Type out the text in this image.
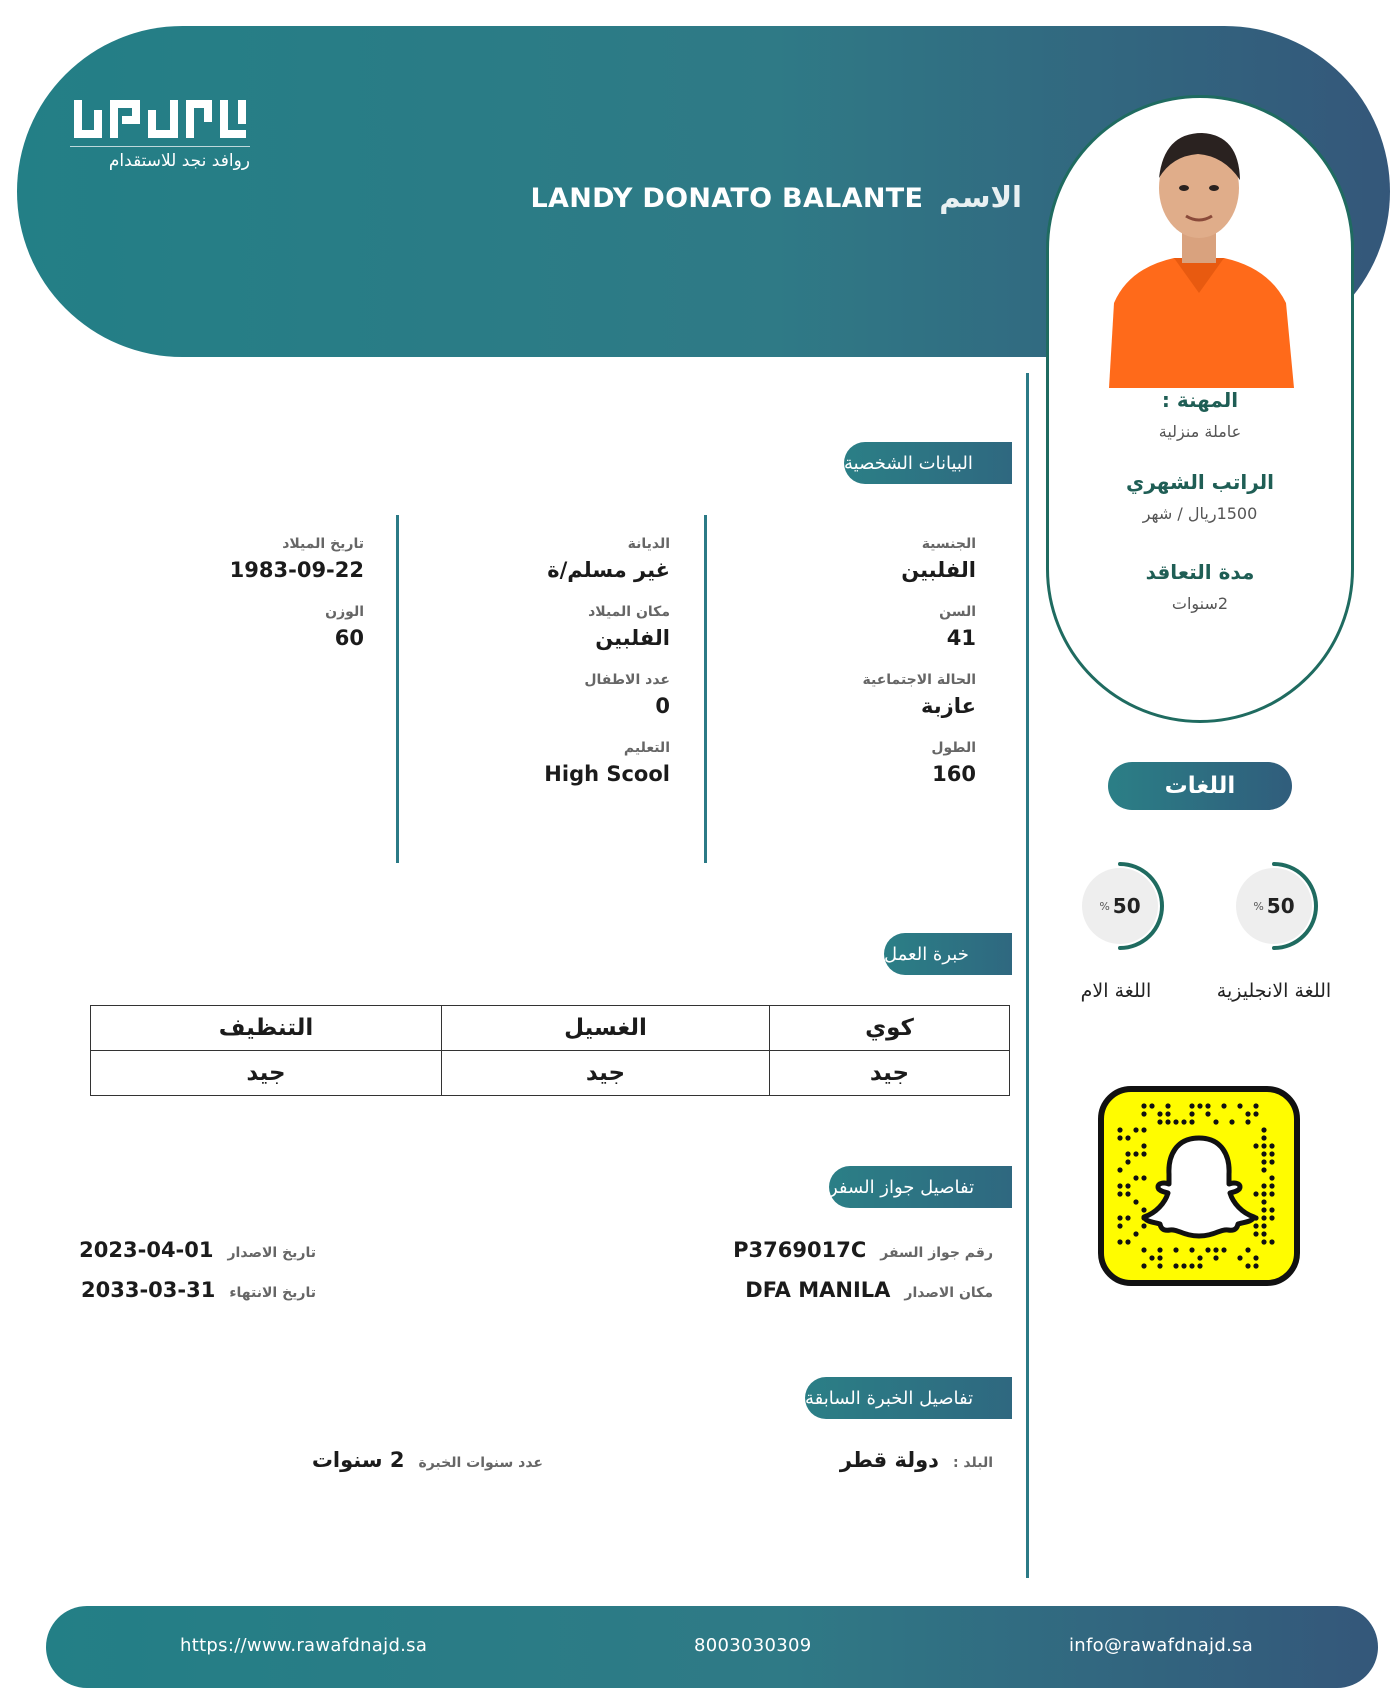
روافد نجد للاستقدام
الاسم
LANDY DONATO BALANTE
المهنة :
عاملة منزلية
الراتب الشهري
1500ريال / شهر
مدة التعاقد
2سنوات
البيانات الشخصية
الجنسية
الفلبين
السن
41
الحالة الاجتماعية
عازبة
الطول
160
الديانة
غير مسلم/ة
مكان الميلاد
الفلبين
عدد الاطفال
0
التعليم
High Scool
تاريخ الميلاد
1983-09-22
الوزن
60
خبرة العمل
كوي	الغسيل	التنظيف
جيد	جيد	جيد
تفاصيل جواز السفر
رقم جواز السفر
P3769017C
مكان الاصدار
DFA MANILA
تاريخ الاصدار
2023-04-01
تاريخ الانتهاء
2033-03-31
تفاصيل الخبرة السابقة
البلد :
دولة قطر
عدد سنوات الخبرة
2 سنوات
اللغات
% 50
اللغة الانجليزية
% 50
اللغة الام
https://www.rawafdnajd.sa	8003030309	info@rawafdnajd.sa
